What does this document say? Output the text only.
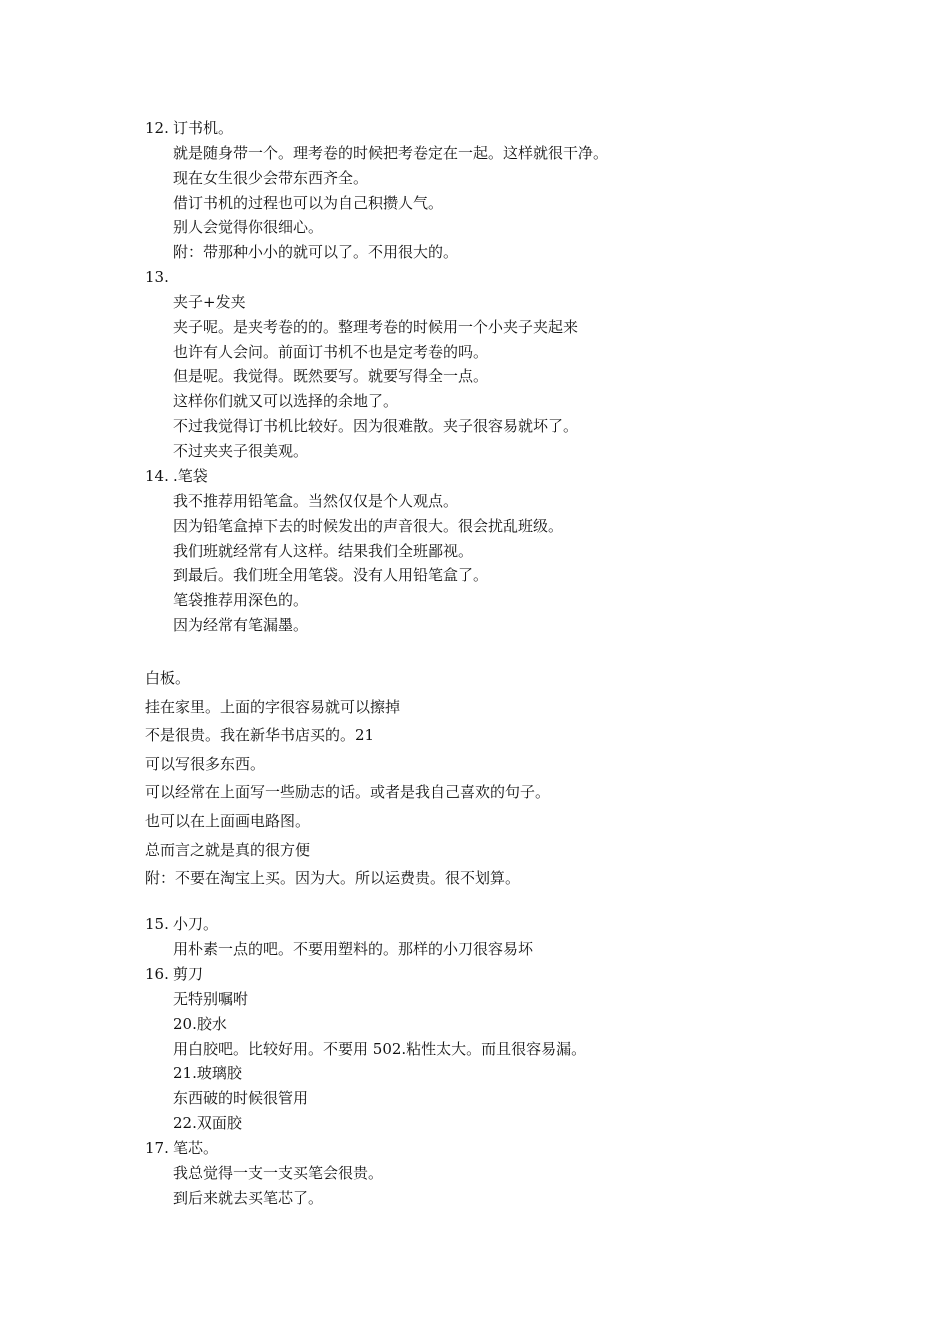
12. 订书机。
就是随身带一个。理考卷的时候把考卷定在一起。这样就很干净。
现在女生很少会带东西齐全。
借订书机的过程也可以为自己积攒人气。
别人会觉得你很细心。
附：带那种小小的就可以了。不用很大的。
13.
夹子+发夹
夹子呢。是夹考卷的的。整理考卷的时候用一个小夹子夹起来
也许有人会问。前面订书机不也是定考卷的吗。
但是呢。我觉得。既然要写。就要写得全一点。
这样你们就又可以选择的余地了。
不过我觉得订书机比较好。因为很难散。夹子很容易就坏了。
不过夹夹子很美观。
14. .笔袋
我不推荐用铅笔盒。当然仅仅是个人观点。
因为铅笔盒掉下去的时候发出的声音很大。很会扰乱班级。
我们班就经常有人这样。结果我们全班鄙视。
到最后。我们班全用笔袋。没有人用铅笔盒了。
笔袋推荐用深色的。
因为经常有笔漏墨。
白板。
挂在家里。上面的字很容易就可以擦掉
不是很贵。我在新华书店买的。21
可以写很多东西。
可以经常在上面写一些励志的话。或者是我自己喜欢的句子。
也可以在上面画电路图。
总而言之就是真的很方便
附：不要在淘宝上买。因为大。所以运费贵。很不划算。
15. 小刀。
用朴素一点的吧。不要用塑料的。那样的小刀很容易坏
16. 剪刀
无特别嘱咐
20.胶水
用白胶吧。比较好用。不要用 502.粘性太大。而且很容易漏。
21.玻璃胶
东西破的时候很管用
22.双面胶
17. 笔芯。
我总觉得一支一支买笔会很贵。
到后来就去买笔芯了。
